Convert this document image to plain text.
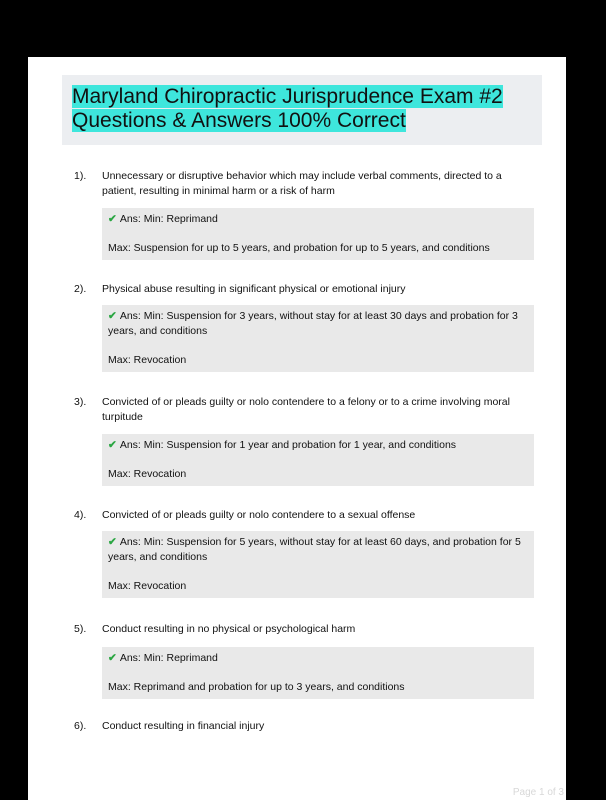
Maryland Chiropractic Jurisprudence Exam #2
Questions & Answers 100% Correct
1). Unnecessary or disruptive behavior which may include verbal comments, directed to a patient, resulting in minimal harm or a risk of harm
✔ Ans: Min: Reprimand
Max: Suspension for up to 5 years, and probation for up to 5 years, and conditions
2). Physical abuse resulting in significant physical or emotional injury
✔ Ans: Min: Suspension for 3 years, without stay for at least 30 days and probation for 3 years, and conditions
Max: Revocation
3). Convicted of or pleads guilty or nolo contendere to a felony or to a crime involving moral turpitude
✔ Ans: Min: Suspension for 1 year and probation for 1 year, and conditions
Max: Revocation
4). Convicted of or pleads guilty or nolo contendere to a sexual offense
✔ Ans: Min: Suspension for 5 years, without stay for at least 60 days, and probation for 5 years, and conditions
Max: Revocation
5). Conduct resulting in no physical or psychological harm
✔ Ans: Min: Reprimand
Max: Reprimand and probation for up to 3 years, and conditions
6). Conduct resulting in financial injury
Page 1 of 3
